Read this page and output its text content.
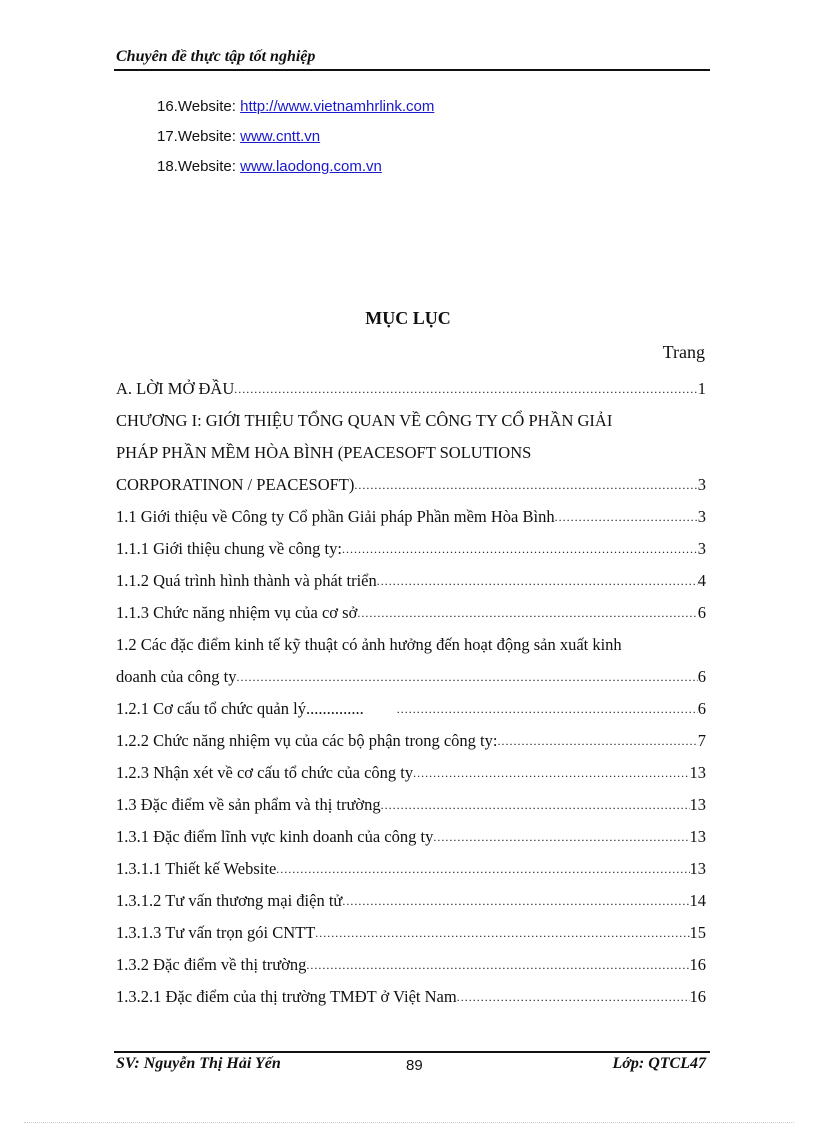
Chuyên đề thực tập tốt nghiệp
16.Website: http://www.vietnamhrlink.com
17.Website: www.cntt.vn
18.Website: www.laodong.com.vn
MỤC LỤC
Trang
A. LỜI MỞ ĐẦU .....	1
CHƯƠNG I: GIỚI THIỆU TỔNG QUAN VỀ CÔNG TY CỔ PHẦN GIẢI
PHÁP PHẦN MỀM HÒA BÌNH (PEACESOFT SOLUTIONS
CORPORATINON / PEACESOFT) .....	3
1.1 Giới thiệu về Công ty Cổ phần Giải pháp Phần mềm Hòa Bình .....	3
1.1.1 Giới thiệu chung về công ty: .....	3
1.1.2 Quá trình hình thành và phát triển .....	4
1.1.3 Chức năng nhiệm vụ của cơ sở .....	6
1.2 Các đặc điểm kinh tế kỹ thuật có ảnh hưởng đến hoạt động sản xuất kinh
doanh của công ty .....	6
1.2.1 Cơ cấu tổ chức quản lý.............. .....	6
1.2.2 Chức năng nhiệm vụ của các bộ phận trong công ty: .....	7
1.2.3 Nhận xét về cơ cấu tổ chức của công ty .....	13
1.3 Đặc điểm về sản phẩm và thị trường .....	13
1.3.1 Đặc điểm lĩnh vực kinh doanh của công ty .....	13
1.3.1.1 Thiết kế Website .....	13
1.3.1.2 Tư vấn thương mại điện tử .....	14
1.3.1.3 Tư vấn trọn gói CNTT .....	15
1.3.2 Đặc điểm về thị trường .....	16
1.3.2.1 Đặc điểm của thị trường TMĐT ở Việt Nam .....	16
SV: Nguyễn Thị Hải Yến	89	Lớp: QTCL47
